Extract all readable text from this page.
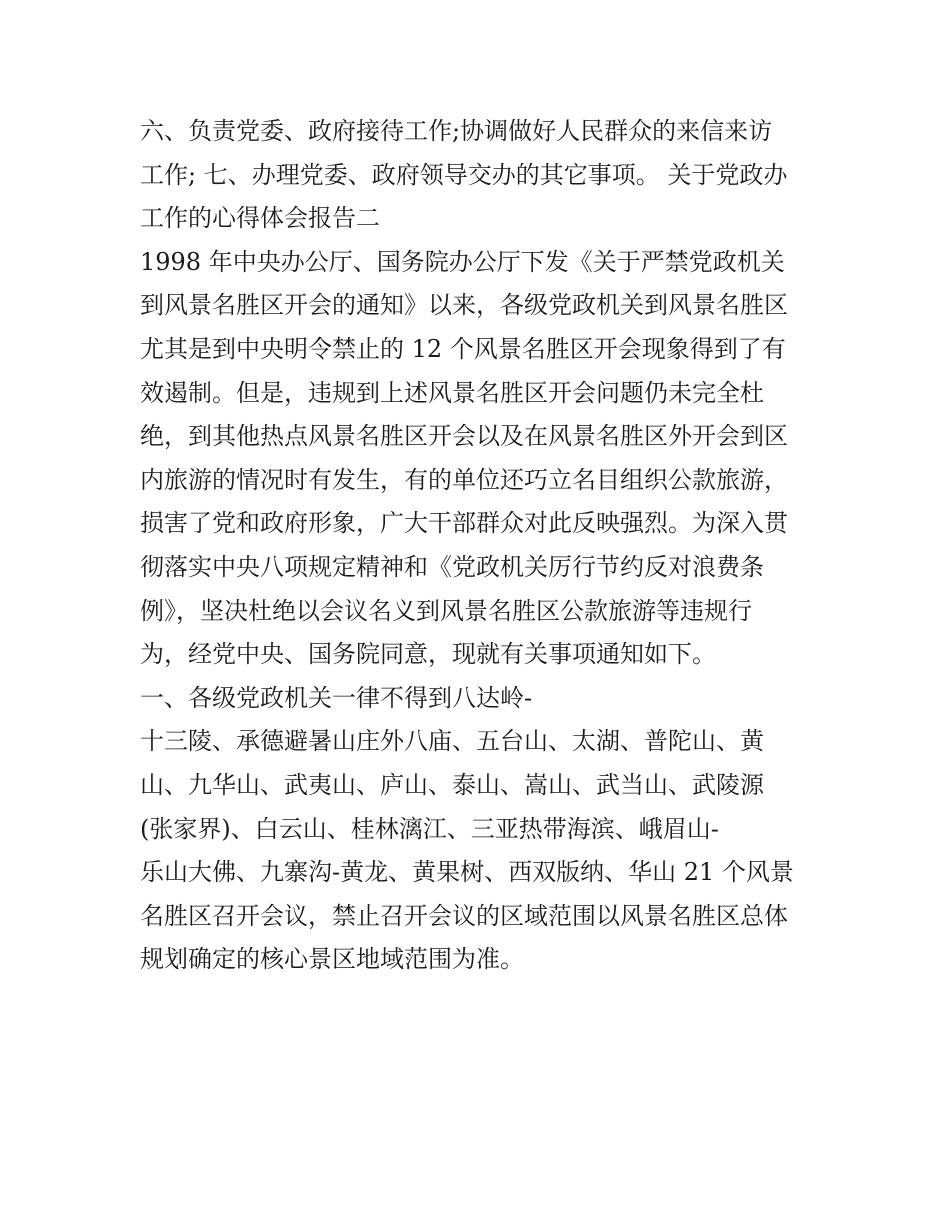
六、负责党委、政府接待工作;协调做好人民群众的来信来访
工作; 七、办理党委、政府领导交办的其它事项。 关于党政办
工作的心得体会报告二
1998 年中央办公厅、国务院办公厅下发《关于严禁党政机关
到风景名胜区开会的通知》以来，各级党政机关到风景名胜区
尤其是到中央明令禁止的 12 个风景名胜区开会现象得到了有
效遏制。但是，违规到上述风景名胜区开会问题仍未完全杜
绝，到其他热点风景名胜区开会以及在风景名胜区外开会到区
内旅游的情况时有发生，有的单位还巧立名目组织公款旅游，
损害了党和政府形象，广大干部群众对此反映强烈。为深入贯
彻落实中央八项规定精神和《党政机关厉行节约反对浪费条
例》，坚决杜绝以会议名义到风景名胜区公款旅游等违规行
为，经党中央、国务院同意，现就有关事项通知如下。
一、各级党政机关一律不得到八达岭-
十三陵、承德避暑山庄外八庙、五台山、太湖、普陀山、黄
山、九华山、武夷山、庐山、泰山、嵩山、武当山、武陵源
(张家界)、白云山、桂林漓江、三亚热带海滨、峨眉山-
乐山大佛、九寨沟-黄龙、黄果树、西双版纳、华山 21 个风景
名胜区召开会议，禁止召开会议的区域范围以风景名胜区总体
规划确定的核心景区地域范围为准。
